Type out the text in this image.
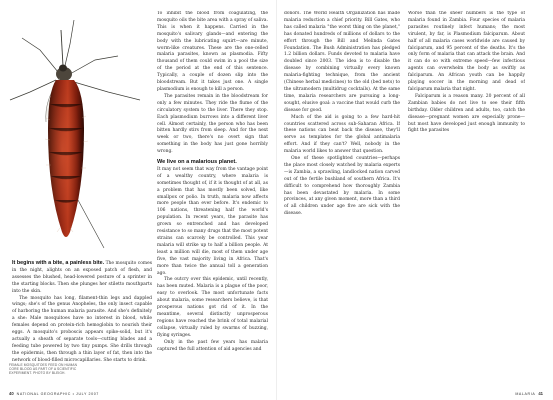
FEMALE MOSQUITOES FEED ON HUMAN CORE BLOOD AS PART OF A SCIENTIFIC EXPERIMENT. PHOTO BY BLEIGH.

It begins with a bite, a painless bite. The mosquito comes in the night, alights on an exposed patch of flesh, and assesses the blushed, head-lowered posture of a sprinter in the starting blocks. Then she plunges her stiletto mouthparts into the skin.

The mosquito has long, filament-thin legs and dappled wings; she's of the genus Anopheles, the only insect capable of harboring the human malaria parasite. And she's definitely a she: Male mosquitoes have no interest in blood, while females depend on protein-rich hemoglobin to nourish their eggs. A mosquito's proboscis appears spike-solid, but it's actually a sheath of separate tools—cutting blades and a feeding tube powered by two tiny pumps. She drills through the epidermis, then through a thin layer of fat, then into the network of blood-filled microcapillaries. She starts to drink.

To inhibit the blood from coagulating, the mosquito oils the bite area with a spray of saliva. This is when it happens. Carried in the mosquito's salivary glands—and entering the body with the lubricating squirt—are minute, worm-like creatures. These are the one-celled malaria parasites, known as plasmodia. Fifty thousand of them could swim in a pool the size of the period at the end of this sentence. Typically, a couple of dozen slip into the bloodstream. But it takes just one. A single plasmodium is enough to kill a person.

The parasites remain in the bloodstream for only a few minutes. They ride the flume of the circulatory system to the liver. There they stop. Each plasmodium burrows into a different liver cell. Almost certainly, the person who has been bitten hardly stirs from sleep. And for the next week or two, there's no overt sign that something in the body has just gone horribly wrong.

We live on a malarious planet.
It may not seem that way from the vantage point of a wealthy country, where malaria is sometimes thought of, if it is thought of at all, as a problem that has mostly been solved, like smallpox or polio. In truth, malaria now affects more people than ever before. It's endemic to 106 nations, threatening half the world's population. In recent years, the parasite has grown so entrenched and has developed resistance to so many drugs that the most potent strains can scarcely be controlled. This year malaria will strike up to half a billion people. At least a million will die, most of them under age five, the vast majority living in Africa. That's more than twice the annual toll a generation ago.

The outcry over this epidemic, until recently, has been muted. Malaria is a plague of the poor, easy to overlook. The most unfortunate facts about malaria, some researchers believe, is that prosperous nations got rid of it. In the meantime, several distinctly unprosperous regions have reached the brink of total malarial collapse, virtually ruled by swarms of buzzing, flying syringes.

Only in the past few years has malaria captured the full attention of aid agencies and

donors. The World Health Organization has made malaria reduction a chief priority. Bill Gates, who has called malaria "the worst thing on the planet," has donated hundreds of millions of dollars to the effort through the Bill and Melinda Gates Foundation. The Bush Administration has pledged 1.2 billion dollars. Funds devoted to malaria have doubled since 2003. The idea is to disable the disease by combining virtually every known malaria-fighting technique, from the ancient (Chinese herbal medicines) to the old (bed nets) to the ultramodern (multidrug cocktails). At the same time, malaria researchers are pursuing a long-sought, elusive goal: a vaccine that would curb the disease for good.

Much of the aid is going to a few hard-hit countries scattered across sub-Saharan Africa. If these nations can beat back the disease, they'll serve as templates for the global antimalaria effort. And if they can't? Well, nobody in the malaria world likes to answer that question.

One of these spotlighted countries—perhaps the place most closely watched by malaria experts—is Zambia, a sprawling, landlocked nation carved out of the fertile bushland of southern Africa. It's difficult to comprehend how thoroughly Zambia has been devastated by malaria. In some provinces, at any given moment, more than a third of all children under age five are sick with the disease.

Worse than the sheer numbers is the type of malaria found in Zambia. Four species of malaria parasites routinely infect humans; the most virulent, by far, is Plasmodium falciparum. About half of all malaria cases worldwide are caused by falciparum, and 95 percent of the deaths. It's the only form of malaria that can attack the brain. And it can do so with extreme speed—few infectious agents can overwhelm the body as swiftly as falciparum. An African youth can be happily playing soccer in the morning and dead of falciparum malaria that night.

Falciparum is a reason many. 20 percent of all Zambian babies do not live to see their fifth birthday. Older children and adults, too, catch the disease—pregnant women are especially prone—but most have developed just enough immunity to fight the parasites

40 NATIONAL GEOGRAPHIC • JULY 2007	MALARIA 41
